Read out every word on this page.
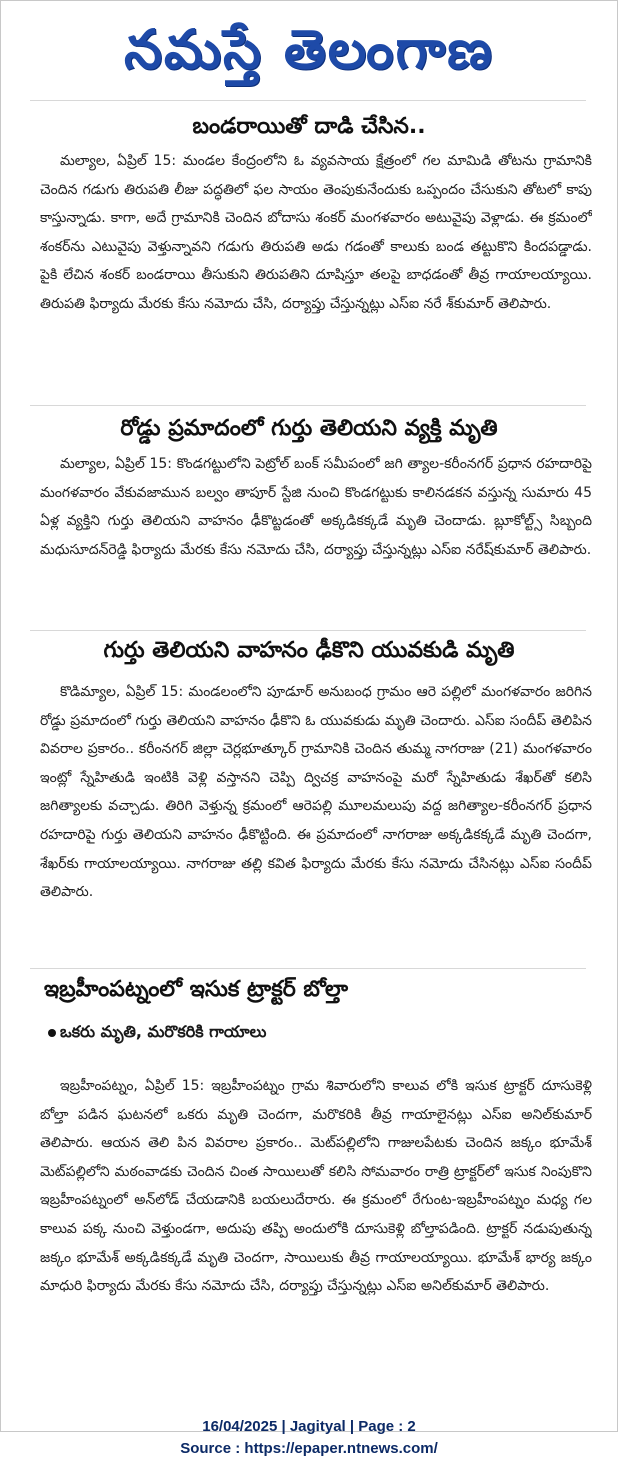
నమస్తే తెలంగాణ
బండరాయితో దాడి చేసిన..
మల్యాల, ఏప్రిల్ 15: మండల కేంద్రంలోని ఓ వ్యవసాయ క్షేత్రంలో గల మామిడి తోటను గ్రామానికి చెందిన గడుగు తిరుపతి లీజు పద్ధతిలో ఫల సాయం తెంపుకునేందుకు ఒప్పందం చేసుకుని తోటలో కాపు కాస్తున్నాడు. కాగా, అదే గ్రామానికి చెందిన బోదాసు శంకర్ మంగళవారం అటువైపు వెళ్లాడు. ఈ క్రమంలో శంకర్‌ను ఎటువైపు వెళ్తున్నావని గడుగు తిరుపతి అడు గడంతో కాలుకు బండ తట్టుకొని కిందపడ్డాడు. పైకి లేచిన శంకర్ బండరాయి తీసుకుని తిరుపతిని దూషిస్తూ తలపై బాధడంతో తీవ్ర గాయాలయ్యాయి. తిరుపతి ఫిర్యాదు మేరకు కేసు నమోదు చేసి, దర్యాప్తు చేస్తున్నట్లు ఎస్ఐ నరే శ్‌కుమార్ తెలిపారు.
రోడ్డు ప్రమాదంలో గుర్తు తెలియని వ్యక్తి మృతి
మల్యాల, ఏప్రిల్ 15: కొండగట్టులోని పెట్రోల్ బంక్ సమీపంలో జగి త్యాల-కరీంనగర్ ప్రధాన రహదారిపై మంగళవారం వేకువజామున బల్వం తాపూర్ స్టేజి నుంచి కొండగట్టుకు కాలినడకన వస్తున్న సుమారు 45 ఏళ్ల వ్యక్తిని గుర్తు తెలియని వాహనం ఢీకొట్టడంతో అక్కడికక్కడే మృతి చెందాడు. బ్లూకోల్ట్స్ సిబ్బంది మధుసూదన్‌రెడ్డి ఫిర్యాదు మేరకు కేసు నమోదు చేసి, దర్యాప్తు చేస్తున్నట్లు ఎస్ఐ నరేష్‌కుమార్ తెలిపారు.
గుర్తు తెలియని వాహనం ఢీకొని యువకుడి మృతి
కొడిమ్యాల, ఏప్రిల్ 15: మండలంలోని పూడూర్ అనుబంధ గ్రామం ఆరె పల్లిలో మంగళవారం జరిగిన రోడ్డు ప్రమాదంలో గుర్తు తెలియని వాహనం ఢీకొని ఓ యువకుడు మృతి చెందారు. ఎస్ఐ సందీప్ తెలిపిన వివరాల ప్రకారం.. కరీంనగర్ జిల్లా చెర్లభూత్కూర్ గ్రామానికి చెందిన తుమ్మ నాగరాజు (21) మంగళవారం ఇంట్లో స్నేహితుడి ఇంటికి వెళ్లి వస్తానని చెప్పి ద్విచక్ర వాహనంపై మరో స్నేహితుడు శేఖర్‌తో కలిసి జగిత్యాలకు వచ్చాడు. తిరిగి వెళ్తున్న క్రమంలో ఆరెపల్లి మూలమలుపు వద్ద జగిత్యాల-కరీంనగర్ ప్రధాన రహదారిపై గుర్తు తెలియని వాహనం ఢీకొట్టింది. ఈ ప్రమాదంలో నాగరాజు అక్కడికక్కడే మృతి చెందగా, శేఖర్‌కు గాయాలయ్యాయి. నాగరాజు తల్లి కవిత ఫిర్యాదు మేరకు కేసు నమోదు చేసినట్లు ఎస్ఐ సందీప్ తెలిపారు.
ఇబ్రహీంపట్నంలో ఇసుక ట్రాక్టర్ బోల్తా
ఒకరు మృతి, మరొకరికి గాయాలు
ఇబ్రహీంపట్నం, ఏప్రిల్ 15: ఇబ్రహీంపట్నం గ్రామ శివారులోని కాలువ లోకి ఇసుక ట్రాక్టర్ దూసుకెళ్లి బోల్తా పడిన ఘటనలో ఒకరు మృతి చెందగా, మరొకరికి తీవ్ర గాయాలైనట్లు ఎస్ఐ అనిల్‌కుమార్ తెలిపారు. ఆయన తెలి పిన వివరాల ప్రకారం.. మెట్‌పల్లిలోని గాజులపేటకు చెందిన జక్కం భూమేశ్ మెట్‌పల్లిలోని మఠంవాడకు చెందిన చింత సాయిలుతో కలిసి సోమవారం రాత్రి ట్రాక్టర్‌లో ఇసుక నింపుకొని ఇబ్రహీంపట్నంలో అన్‌లోడ్ చేయడానికి బయలుదేరారు. ఈ క్రమంలో రేగుంట-ఇబ్రహీంపట్నం మధ్య గల కాలువ పక్క నుంచి వెళ్తుండగా, అదుపు తప్పి అందులోకి దూసుకెళ్లి బోల్తాపడింది. ట్రాక్టర్ నడుపుతున్న జక్కం భూమేశ్ అక్కడికక్కడే మృతి చెందగా, సాయిలుకు తీవ్ర గాయాలయ్యాయి. భూమేశ్ భార్య జక్కం మాధురి ఫిర్యాదు మేరకు కేసు నమోదు చేసి, దర్యాప్తు చేస్తున్నట్లు ఎస్ఐ అనిల్‌కుమార్ తెలిపారు.
16/04/2025 | Jagityal | Page : 2
Source : https://epaper.ntnews.com/
